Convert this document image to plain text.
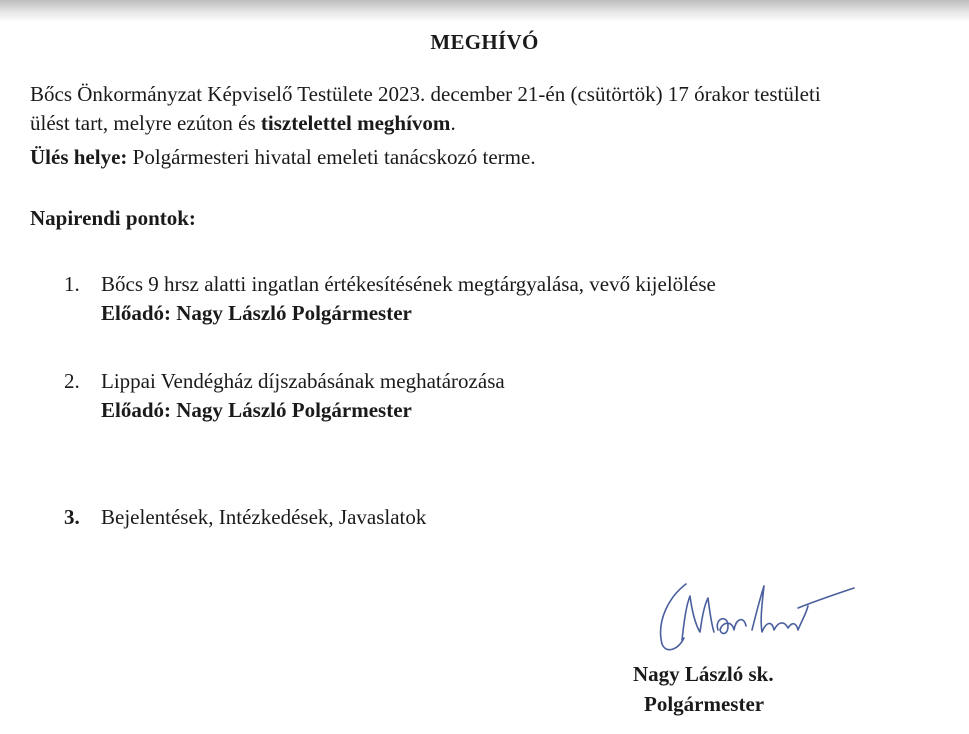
MEGHÍVÓ
Bőcs Önkormányzat Képviselő Testülete 2023. december 21-én (csütörtök) 17 órakor testületi
ülést tart, melyre ezúton és tisztelettel meghívom.
Ülés helye: Polgármesteri hivatal emeleti tanácskozó terme.
Napirendi pontok:
1. Bőcs 9 hrsz alatti ingatlan értékesítésének megtárgyalása, vevő kijelölése
Előadó: Nagy László Polgármester
2. Lippai Vendégház díjszabásának meghatározása
Előadó: Nagy László Polgármester
3. Bejelentések, Intézkedések, Javaslatok
Nagy László sk.
Polgármester
